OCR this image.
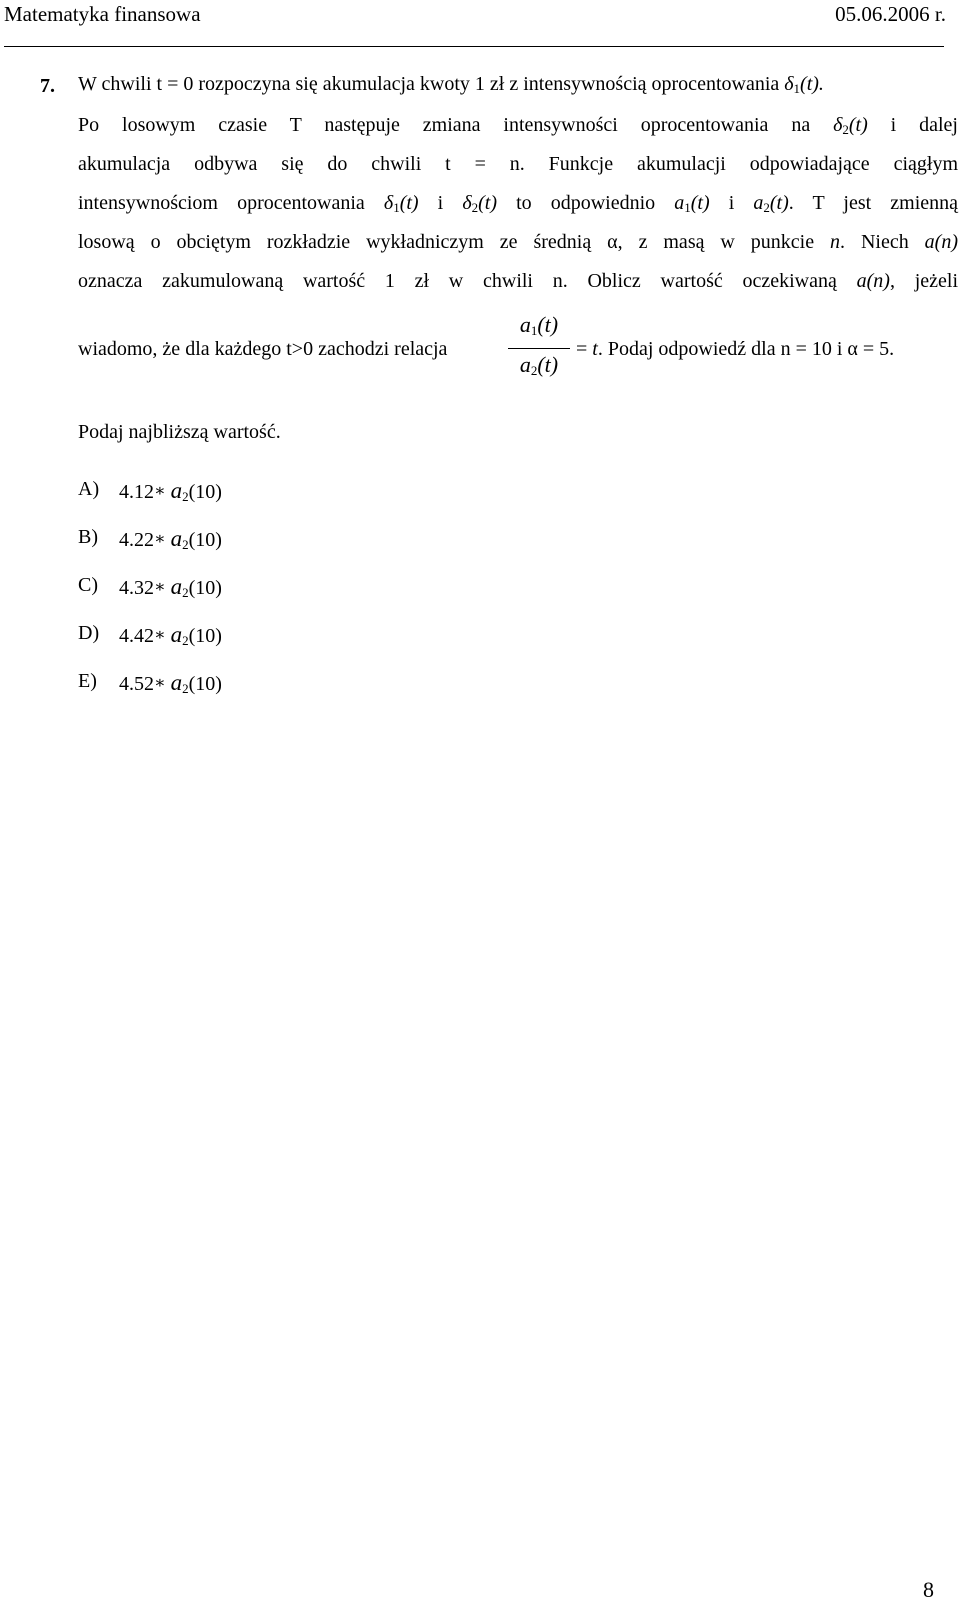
Matematyka finansowa	05.06.2006 r.
7. W chwili t = 0 rozpoczyna się akumulacja kwoty 1 zł z intensywnością oprocentowania $\delta_1(t)$.
Po losowym czasie T następuje zmiana intensywności oprocentowania na $\delta_2(t)$ i dalej
akumulacja odbywa się do chwili t = n. Funkcje akumulacji odpowiadające ciągłym
intensywnościom oprocentowania $\delta_1(t)$ i $\delta_2(t)$ to odpowiednio $a_1(t)$ i $a_2(t)$. T jest zmienną
losową o obciętym rozkładzie wykładniczym ze średnią α, z masą w punkcie n. Niech a(n)
oznacza zakumulowaną wartość 1 zł w chwili n. Oblicz wartość oczekiwaną a(n), jeżeli
wiadomo, że dla każdego t>0 zachodzi relacja
$a_1(t)$
$a_2(t)$
= t. Podaj odpowiedź dla n = 10 i α = 5.
Podaj najbliższą wartość.
A) 4.12∗ $a_2(10)$
B) 4.22∗ $a_2(10)$
C) 4.32∗ $a_2(10)$
D) 4.42∗ $a_2(10)$
E) 4.52∗ $a_2(10)$
8
